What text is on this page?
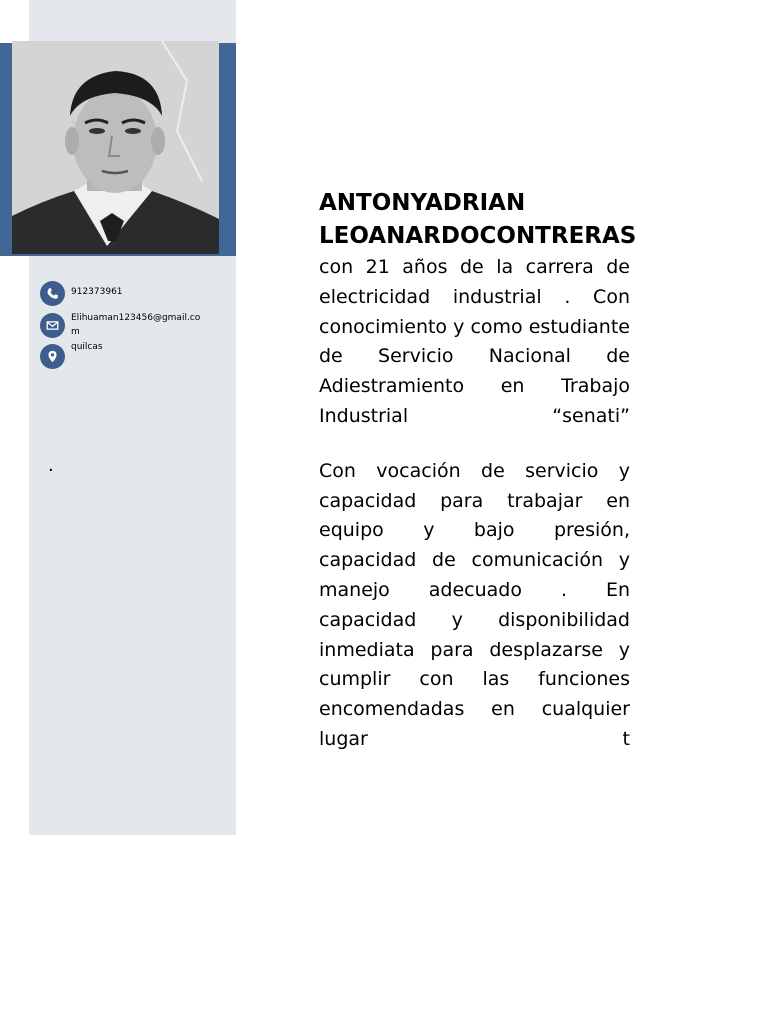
912373961
Elihuaman123456@gmail.com
quilcas
.
ANTONYADRIAN
LEOANARDOCONTRERAS

con 21 años de la carrera de electricidad industrial . Con conocimiento y como estudiante de Servicio Nacional de Adiestramiento en Trabajo Industrial “senati”

Con vocación de servicio y capacidad para trabajar en equipo y bajo presión, capacidad de comunicación y manejo adecuado . En capacidad y disponibilidad inmediata para desplazarse y cumplir con las funciones encomendadas en cualquier lugar t
